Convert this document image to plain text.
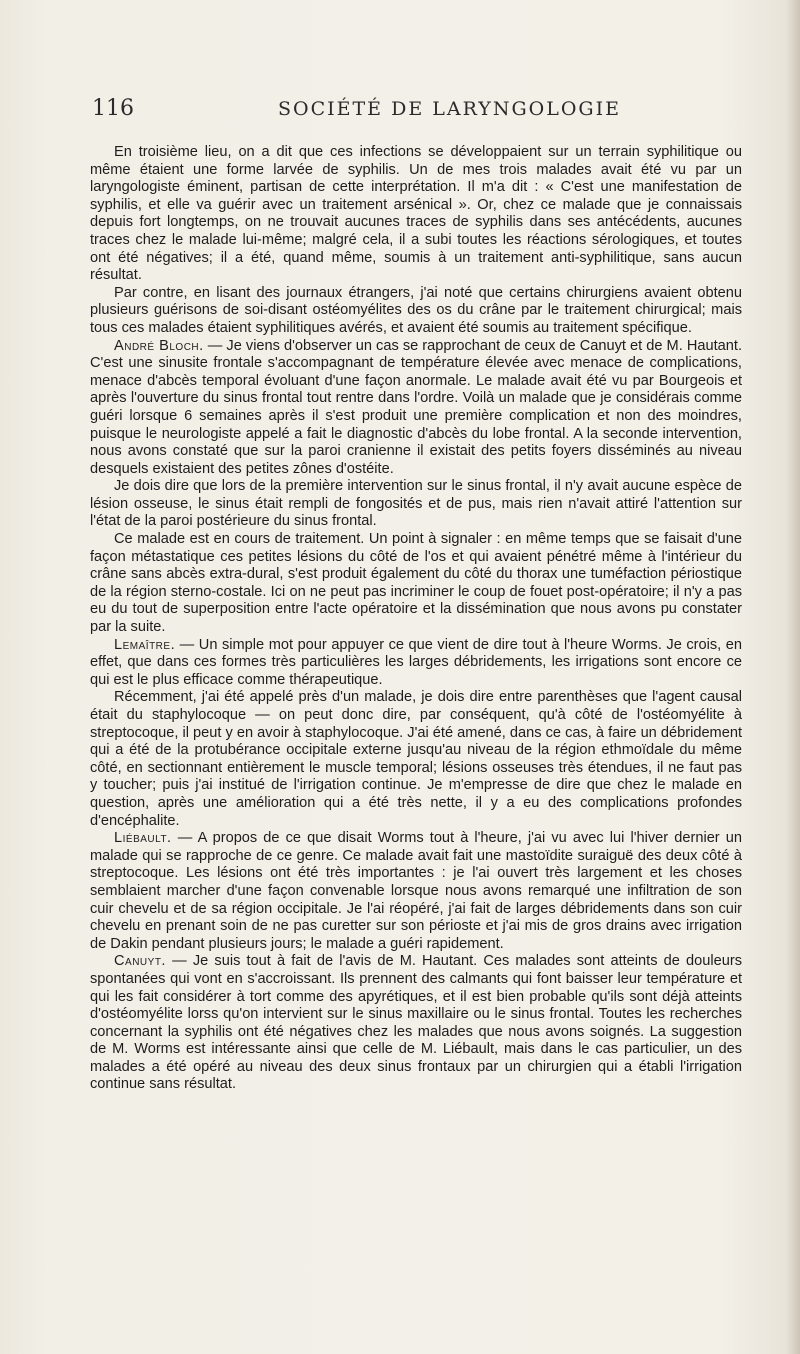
116	SOCIÉTÉ DE LARYNGOLOGIE

En troisième lieu, on a dit que ces infections se développaient sur un terrain syphilitique ou même étaient une forme larvée de syphilis. Un de mes trois malades avait été vu par un laryngologiste éminent, partisan de cette interprétation. Il m'a dit : « C'est une manifestation de syphilis, et elle va guérir avec un traitement arsénical ». Or, chez ce malade que je connaissais depuis fort longtemps, on ne trouvait aucunes traces de syphilis dans ses antécédents, aucunes traces chez le malade lui-même; malgré cela, il a subi toutes les réactions sérologiques, et toutes ont été négatives; il a été, quand même, soumis à un traitement anti-syphilitique, sans aucun résultat.

Par contre, en lisant des journaux étrangers, j'ai noté que certains chirurgiens avaient obtenu plusieurs guérisons de soi-disant ostéomyélites des os du crâne par le traitement chirurgical; mais tous ces malades étaient syphilitiques avérés, et avaient été soumis au traitement spécifique.

André Bloch. — Je viens d'observer un cas se rapprochant de ceux de Canuyt et de M. Hautant. C'est une sinusite frontale s'accompagnant de température élevée avec menace de complications, menace d'abcès temporal évoluant d'une façon anormale. Le malade avait été vu par Bourgeois et après l'ouverture du sinus frontal tout rentre dans l'ordre. Voilà un malade que je considérais comme guéri lorsque 6 semaines après il s'est produit une première complication et non des moindres, puisque le neurologiste appelé a fait le diagnostic d'abcès du lobe frontal. A la seconde intervention, nous avons constaté que sur la paroi cranienne il existait des petits foyers disséminés au niveau desquels existaient des petites zônes d'ostéite.

Je dois dire que lors de la première intervention sur le sinus frontal, il n'y avait aucune espèce de lésion osseuse, le sinus était rempli de fongosités et de pus, mais rien n'avait attiré l'attention sur l'état de la paroi postérieure du sinus frontal.

Ce malade est en cours de traitement. Un point à signaler : en même temps que se faisait d'une façon métastatique ces petites lésions du côté de l'os et qui avaient pénétré même à l'intérieur du crâne sans abcès extra-dural, s'est produit également du côté du thorax une tuméfaction périostique de la région sterno-costale. Ici on ne peut pas incriminer le coup de fouet post-opératoire; il n'y a pas eu du tout de superposition entre l'acte opératoire et la dissémination que nous avons pu constater par la suite.

Lemaître. — Un simple mot pour appuyer ce que vient de dire tout à l'heure Worms. Je crois, en effet, que dans ces formes très particulières les larges débridements, les irrigations sont encore ce qui est le plus efficace comme thérapeutique.

Récemment, j'ai été appelé près d'un malade, je dois dire entre parenthèses que l'agent causal était du staphylocoque — on peut donc dire, par conséquent, qu'à côté de l'ostéomyélite à streptocoque, il peut y en avoir à staphylocoque. J'ai été amené, dans ce cas, à faire un débridement qui a été de la protubérance occipitale externe jusqu'au niveau de la région ethmoïdale du même côté, en sectionnant entièrement le muscle temporal; lésions osseuses très étendues, il ne faut pas y toucher; puis j'ai institué de l'irrigation continue. Je m'empresse de dire que chez le malade en question, après une amélioration qui a été très nette, il y a eu des complications profondes d'encéphalite.

Liébault. — A propos de ce que disait Worms tout à l'heure, j'ai vu avec lui l'hiver dernier un malade qui se rapproche de ce genre. Ce malade avait fait une mastoïdite suraiguë des deux côté à streptocoque. Les lésions ont été très importantes : je l'ai ouvert très largement et les choses semblaient marcher d'une façon convenable lorsque nous avons remarqué une infiltration de son cuir chevelu et de sa région occipitale. Je l'ai réopéré, j'ai fait de larges débridements dans son cuir chevelu en prenant soin de ne pas curetter sur son périoste et j'ai mis de gros drains avec irrigation de Dakin pendant plusieurs jours; le malade a guéri rapidement.

Canuyt. — Je suis tout à fait de l'avis de M. Hautant. Ces malades sont atteints de douleurs spontanées qui vont en s'accroissant. Ils prennent des calmants qui font baisser leur température et qui les fait considérer à tort comme des apyrétiques, et il est bien probable qu'ils sont déjà atteints d'ostéomyélite lorss qu'on intervient sur le sinus maxillaire ou le sinus frontal. Toutes les recherches concernant la syphilis ont été négatives chez les malades que nous avons soignés. La suggestion de M. Worms est intéressante ainsi que celle de M. Liébault, mais dans le cas particulier, un des malades a été opéré au niveau des deux sinus frontaux par un chirurgien qui a établi l'irrigation continue sans résultat.
